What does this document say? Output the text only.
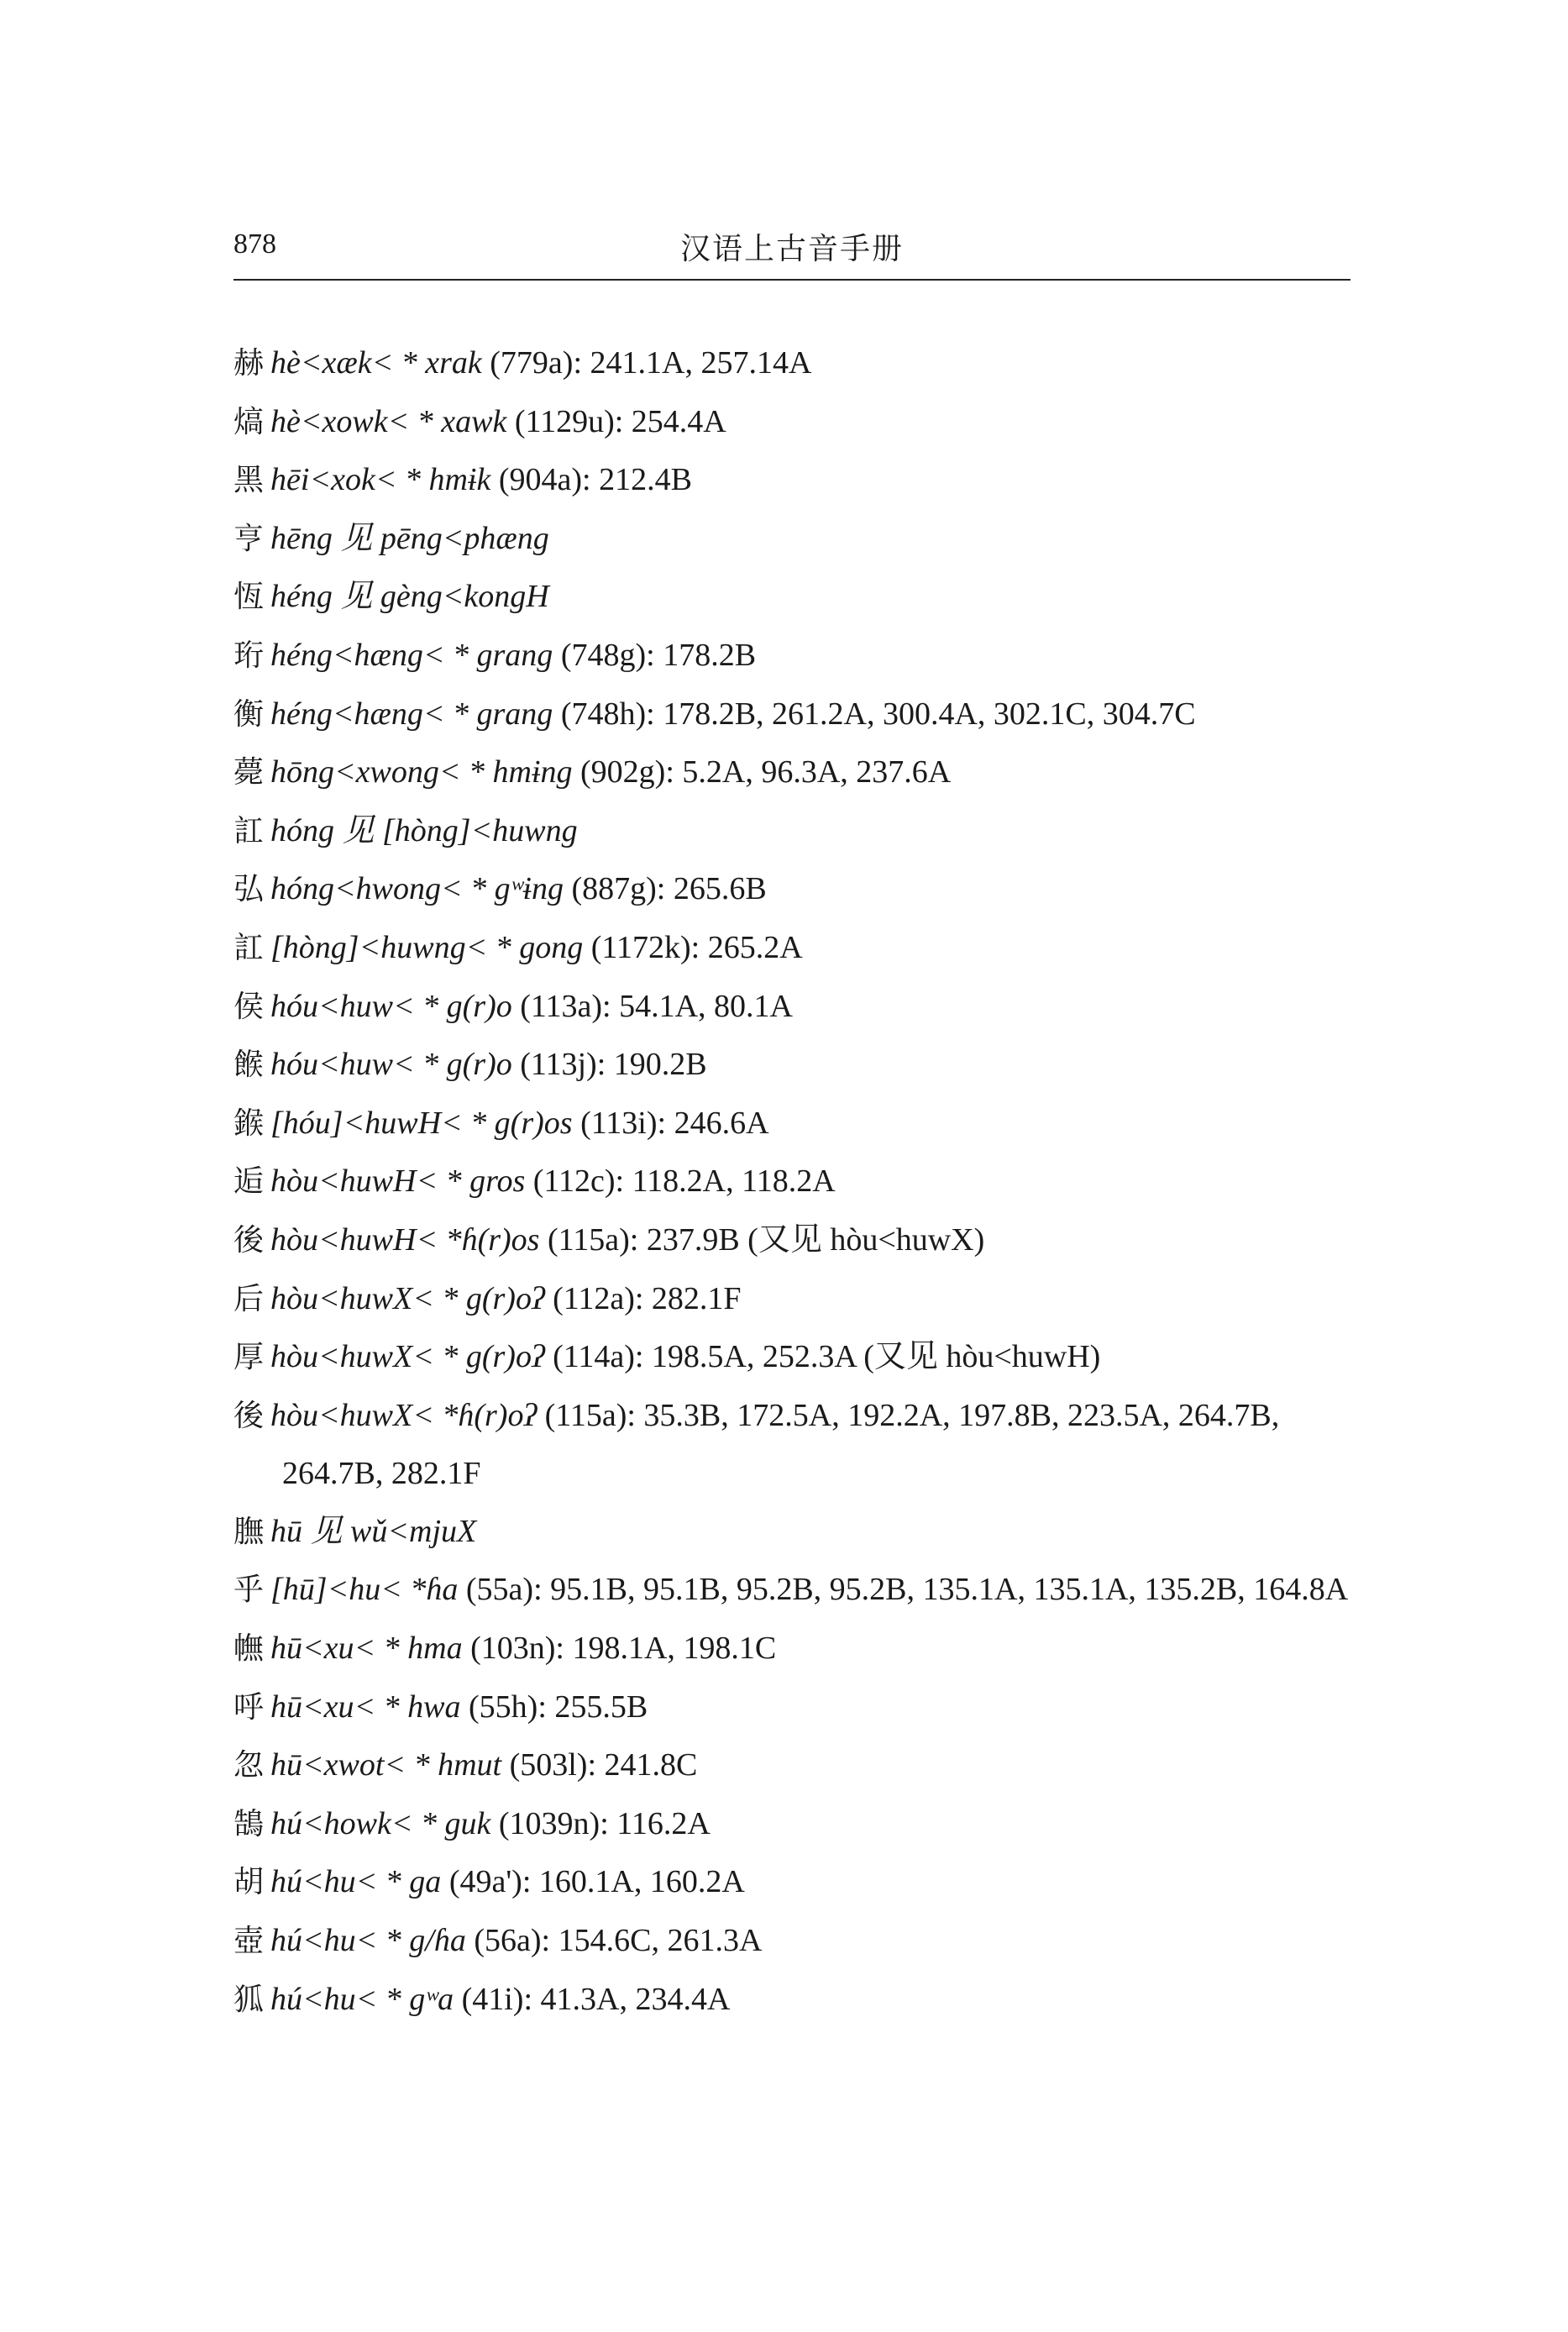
878	汉语上古音手册
赫 hè<xæk< * xrak (779a): 241.1A, 257.14A
熇 hè<xowk< * xawk (1129u): 254.4A
黑 hēi<xok< * hmɨk (904a): 212.4B
亨 hēng 见 pēng<phæng
恆 héng 见 gèng<kongH
珩 héng<hæng< * grang (748g): 178.2B
衡 héng<hæng< * grang (748h): 178.2B, 261.2A, 300.4A, 302.1C, 304.7C
薨 hōng<xwong< * hmɨng (902g): 5.2A, 96.3A, 237.6A
訌 hóng 见 [hòng]<huwng
弘 hóng<hwong< * gʷɨng (887g): 265.6B
訌 [hòng]<huwng< * gong (1172k): 265.2A
侯 hóu<huw< * g(r)o (113a): 54.1A, 80.1A
餱 hóu<huw< * g(r)o (113j): 190.2B
鍭 [hóu]<huwH< * g(r)os (113i): 246.6A
逅 hòu<huwH< * gros (112c): 118.2A, 118.2A
後 hòu<huwH< *ɦ(r)os (115a): 237.9B (又见 hòu<huwX)
后 hòu<huwX< * g(r)oʔ (112a): 282.1F
厚 hòu<huwX< * g(r)oʔ (114a): 198.5A, 252.3A (又见 hòu<huwH)
後 hòu<huwX< *ɦ(r)oʔ (115a): 35.3B, 172.5A, 192.2A, 197.8B, 223.5A, 264.7B, 264.7B, 282.1F
膴 hū 见 wǔ<mjuX
乎 [hū]<hu< *ɦa (55a): 95.1B, 95.1B, 95.2B, 95.2B, 135.1A, 135.1A, 135.2B, 164.8A
幠 hū<xu< * hma (103n): 198.1A, 198.1C
呼 hū<xu< * hwa (55h): 255.5B
忽 hū<xwot< * hmut (503l): 241.8C
鵠 hú<howk< * guk (1039n): 116.2A
胡 hú<hu< * ga (49a'): 160.1A, 160.2A
壺 hú<hu< * g/ɦa (56a): 154.6C, 261.3A
狐 hú<hu< * gʷa (41i): 41.3A, 234.4A
